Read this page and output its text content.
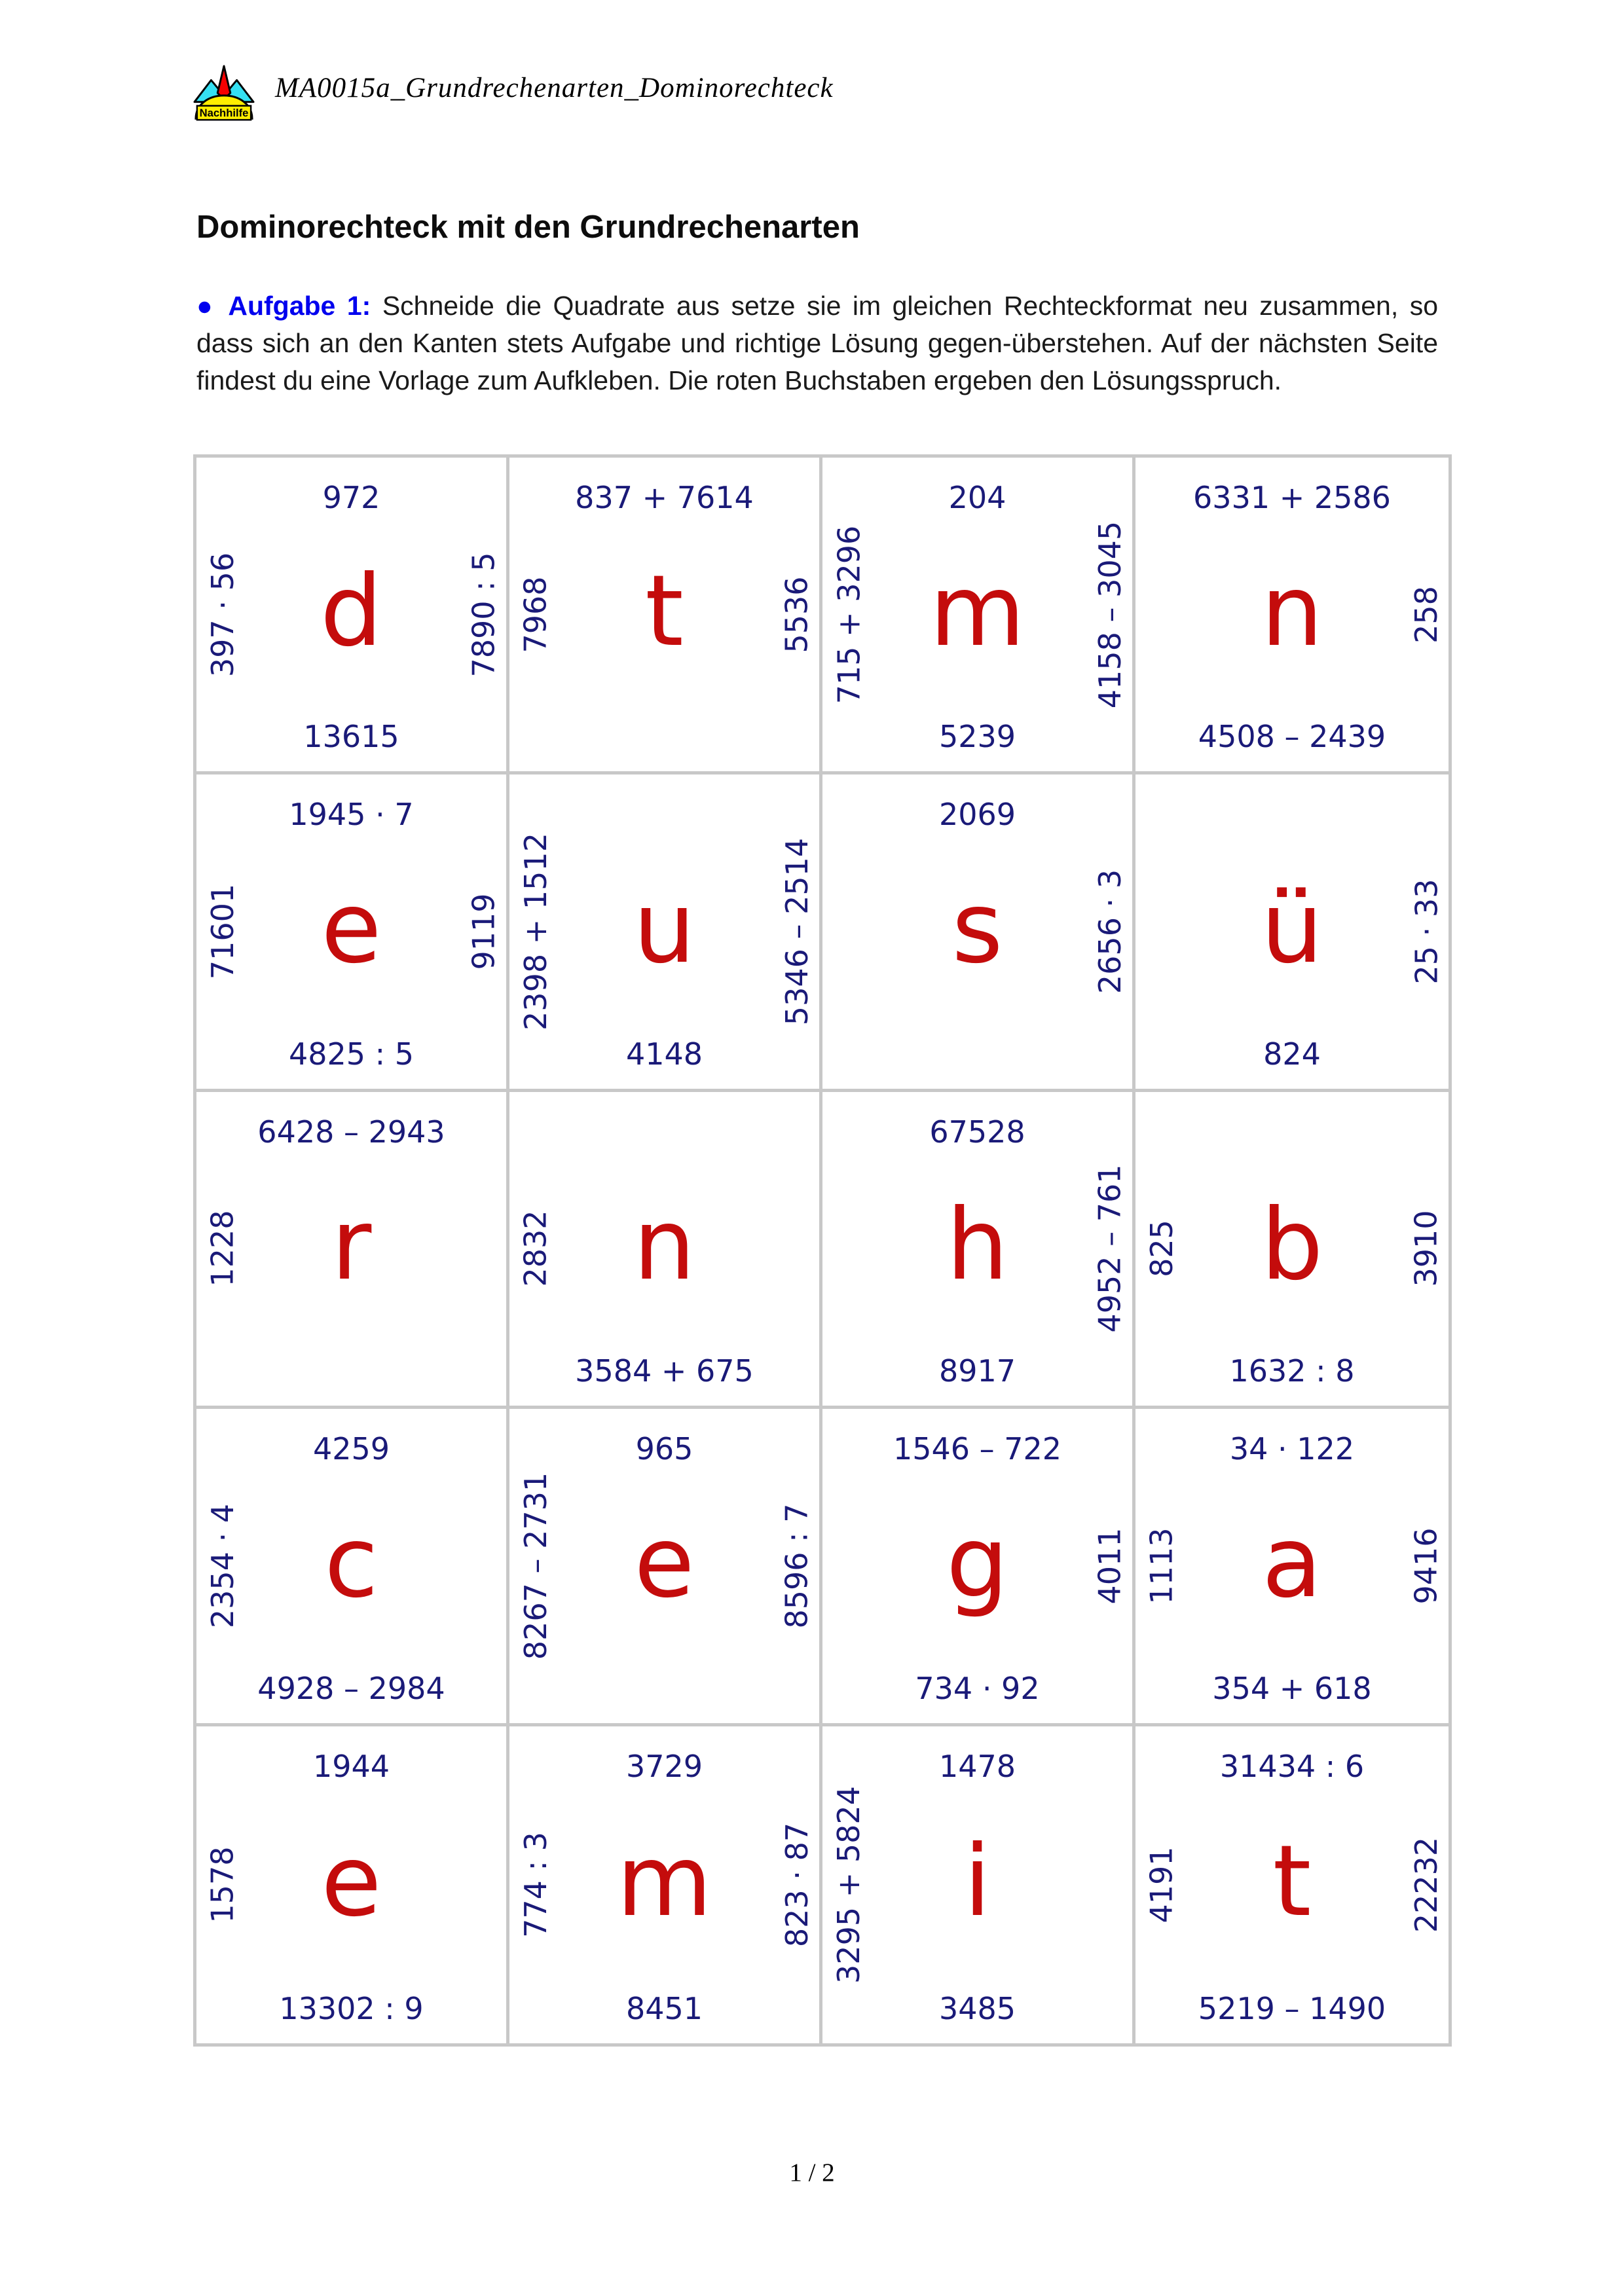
Nachhilfe
MA0015a_Grundrechenarten_Dominorechteck
Dominorechteck mit den Grundrechenarten

● Aufgabe 1: Schneide die Quadrate aus setze sie im gleichen Rechteckformat neu zusammen, so dass sich an den Kanten stets Aufgabe und richtige Lösung gegen-überstehen. Auf der nächsten Seite findest du eine Vorlage zum Aufkleben. Die roten Buchstaben ergeben den Lösungsspruch.

972
397 · 56 d	7890 : 5
13615
837 + 7614
7968 t	5536
204
715 + 3296 m	4158 – 3045
5239
6331 + 2586
n	258
4508 – 2439
1945 · 7
71601 e	9119
4825 : 5
2398 + 1512 u	5346 – 2514
4148
2069
s	2656 · 3	ü	25 · 33
824
6428 – 2943
1228 r	2832 n
3584 + 675
67528
h	4952 – 761
8917
825 b	3910
1632 : 8
4259
2354 · 4 c
4928 – 2984
965
8267 – 2731 e	8596 : 7
1546 – 722
g	4011
734 · 92
34 · 122
1113 a	9416
354 + 618
1944
1578 e
13302 : 9
3729
774 : 3 m	823 · 87
8451
1478
3295 + 5824 i
3485
31434 : 6
4191 t	22232
5219 – 1490
1 / 2
